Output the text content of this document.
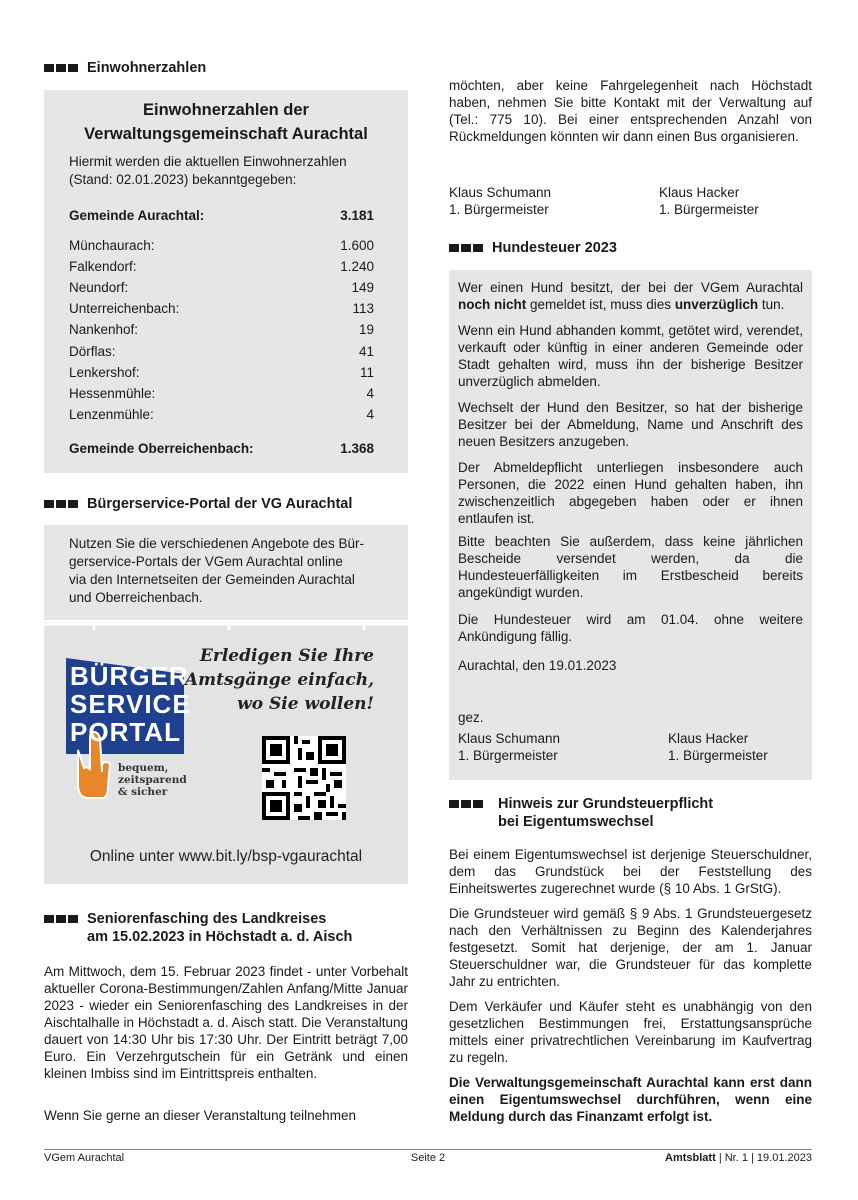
Einwohnerzahlen
Einwohnerzahlen der
Verwaltungsgemeinschaft Aurachtal
Hiermit werden die aktuellen Einwohnerzahlen
(Stand: 02.01.2023) bekanntgegeben:
Gemeinde Aurachtal:	3.181
Münchaurach:	1.600
Falkendorf:	1.240
Neundorf:	149
Unterreichenbach:	113
Nankenhof:	19
Dörflas:	41
Lenkershof:	11
Hessenmühle:	4
Lenzenmühle:	4
Gemeinde Oberreichenbach:	1.368
Bürgerservice-Portal der VG Aurachtal
Nutzen Sie die verschiedenen Angebote des Bür-
gerservice-Portals der VGem Aurachtal online
via den Internetseiten der Gemeinden Aurachtal
und Oberreichenbach.
BÜRGER
SERVICE
PORTAL
bequem,
zeitsparend
& sicher
Erledigen Sie Ihre
Amtsgänge einfach,
wo Sie wollen!
Online unter www.bit.ly/bsp-vgaurachtal
Seniorenfasching des Landkreises
am 15.02.2023 in Höchstadt a. d. Aisch
Am Mittwoch, dem 15. Februar 2023 findet - unter Vorbehalt aktueller Corona-Bestimmungen/Zahlen Anfang/Mitte Januar 2023 - wieder ein Seniorenfasching des Landkreises in der Aischtalhalle in Höchstadt a. d. Aisch statt. Die Veranstaltung dauert von 14:30 Uhr bis 17:30 Uhr. Der Eintritt beträgt 7,00 Euro. Ein Verzehrgutschein für ein Getränk und einen kleinen Imbiss sind im Eintrittspreis enthalten.
Wenn Sie gerne an dieser Veranstaltung teilnehmen
möchten, aber keine Fahrgelegenheit nach Höchstadt haben, nehmen Sie bitte Kontakt mit der Verwaltung auf (Tel.: 775 10). Bei einer entsprechenden Anzahl von Rückmeldungen könnten wir dann einen Bus organisieren.
Klaus Schumann
1. Bürgermeister
Klaus Hacker
1. Bürgermeister
Hundesteuer 2023
Wer einen Hund besitzt, der bei der VGem Aurachtal noch nicht gemeldet ist, muss dies unverzüglich tun.
Wenn ein Hund abhanden kommt, getötet wird, verendet, verkauft oder künftig in einer anderen Gemeinde oder Stadt gehalten wird, muss ihn der bisherige Besitzer unverzüglich abmelden.
Wechselt der Hund den Besitzer, so hat der bisherige Besitzer bei der Abmeldung, Name und Anschrift des neuen Besitzers anzugeben.
Der Abmeldepflicht unterliegen insbesondere auch Personen, die 2022 einen Hund gehalten haben, ihn zwischenzeitlich abgegeben haben oder er ihnen entlaufen ist.
Bitte beachten Sie außerdem, dass keine jährlichen Bescheide versendet werden, da die Hundesteuerfälligkeiten im Erstbescheid bereits angekündigt wurden.
Die Hundesteuer wird am 01.04. ohne weitere Ankündigung fällig.
Aurachtal, den 19.01.2023
gez.
Klaus Schumann
1. Bürgermeister
Klaus Hacker
1. Bürgermeister
Hinweis zur Grundsteuerpflicht
bei Eigentumswechsel
Bei einem Eigentumswechsel ist derjenige Steuerschuldner, dem das Grundstück bei der Feststellung des Einheitswertes zugerechnet wurde (§ 10 Abs. 1 GrStG).
Die Grundsteuer wird gemäß § 9 Abs. 1 Grundsteuergesetz nach den Verhältnissen zu Beginn des Kalenderjahres festgesetzt. Somit hat derjenige, der am 1. Januar Steuerschuldner war, die Grundsteuer für das komplette Jahr zu entrichten.
Dem Verkäufer und Käufer steht es unabhängig von den gesetzlichen Bestimmungen frei, Erstattungsansprüche mittels einer privatrechtlichen Vereinbarung im Kaufvertrag zu regeln.
Die Verwaltungsgemeinschaft Aurachtal kann erst dann einen Eigentumswechsel durchführen, wenn eine Meldung durch das Finanzamt erfolgt ist.
VGem Aurachtal	Seite 2	Amtsblatt | Nr. 1 | 19.01.2023
